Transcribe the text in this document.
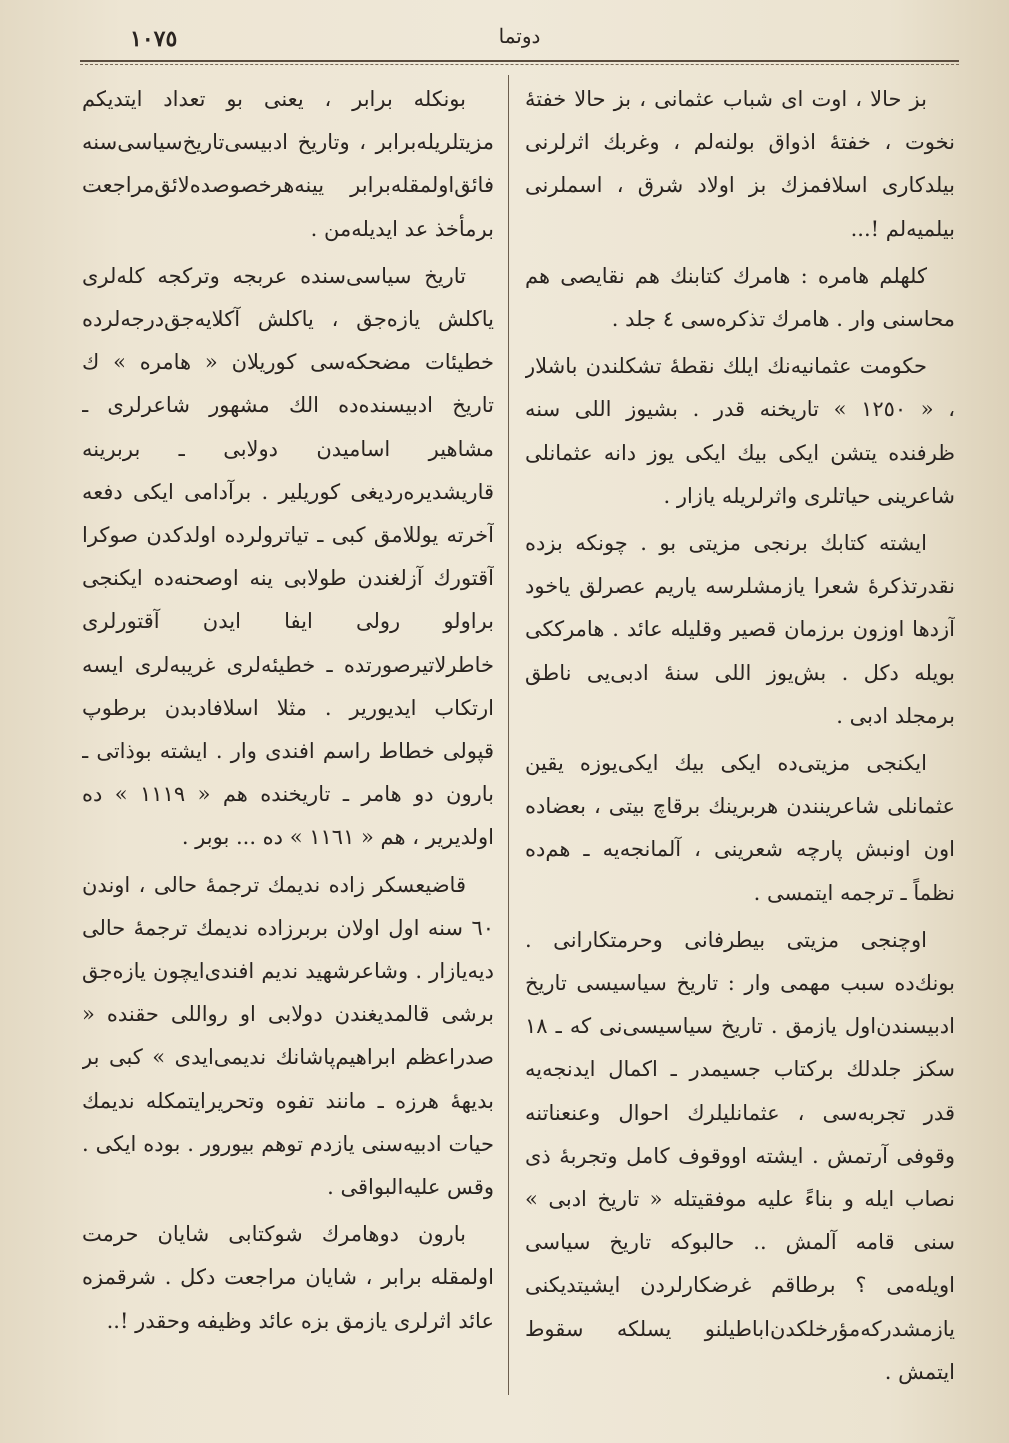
١٠٧٥	دوتما

بز حالا ، اوت ای شباب عثمانی ، بز حالا خفتهٔ نخوت ، خفتهٔ اذواق بولنه‌لم ، وغربك اثرلرنی بیلدکاری اسلافمزك بز اولاد شرق ، اسملرنی بیلمیه‌لم !...

کلهلم هامره : هامرك کتابنك هم نقایصی هم محاسنی وار . هامرك تذکره‌سی ٤ جلد .

حکومت عثمانیه‌نك ایلك نقطهٔ تشکلندن باشلار ، « ١٢٥٠ » تاریخنه قدر . بشیوز اللی سنه ظرفنده یتشن ایکی بیك ایکی یوز دانه عثمانلی شاعرینی حیاتلری واثرلریله یازار .

ایشته کتابك برنجی مزیتی بو . چونکه بزده نقدرتذکرهٔ شعرا یازمشلرسه یاریم عصرلق یاخود آزدها اوزون برزمان قصیر وقلیله عائد . هامرككی بویله دکل . بش‌یوز اللی سنهٔ ادبی‌یی ناطق برمجلد ادبی .

ایکنجی مزیتی‌ده ایکی بیك ایکی‌یوزه یقین عثمانلی شاعرینندن هربرینك برقاچ بیتی ، بعضاده اون اونبش پارچه شعرینی ، آلمانجه‌یه ـ هم‌ده نظماً ـ ترجمه ایتمسی .

اوچنجی مزیتی بیطرفانی وحرمتکارانی . بونك‌ده سبب مهمی وار : تاریخ سیاسیسی تاریخ ادبیسندن‌اول یازمق . تاریخ سیاسیسی‌نی که ـ ١٨ سکز جلدلك برکتاب جسیمدر ـ اکمال ایدنجه‌یه قدر تجربه‌سی ، عثمانلیلرك احوال وعنعناتنه وقوفی آرتمش . ایشته اووقوف کامل وتجربهٔ ذی نصاب ایله و بناءً علیه موفقیتله « تاریخ ادبی » سنی قامه آلمش .. حالبوکه تاریخ سیاسی اویله‌می ؟ برطاقم غرضکارلردن ایشیتدیکنی یازمشدرکه‌مؤرخلکدن‌اباطیلنو یسلکه سقوط ایتمش .

بونکله برابر ، یعنی بو تعداد ایتدیکم مزیتلریله‌برابر ، وتاریخ ادبیسی‌تاریخ‌سیاسی‌سنه فائق‌اولمقله‌برابر یینه‌هرخصوصده‌لائق‌مراجعت برمأخذ عد ایدیله‌من .

تاریخ سیاسی‌سنده عربجه وترکجه کله‌لری یاکلش یازه‌جق ، یاکلش آکلایه‌جق‌درجه‌لرده خطیئات مضحکه‌سی کوریلان « هامره » ك تاریخ ادبیسنده‌ده الك مشهور شاعرلری ـ مشاهیر اسامیدن دولابی ـ بربرینه قاریشدیره‌ردیغی کوریلیر . برآدامی ایکی دفعه آخرته یوللامق کبی ـ تیاترولرده اولدکدن صوکرا آقتورك آزلغندن طولابی ینه اوصحنه‌ده ایکنجی براولو رولی ایفا ایدن آقتورلری خاطرلاتیرصورتده ـ خطیئه‌لری غریبه‌لری ایسه ارتکاب ایدیوریر . مثلا اسلافادبدن برطوپ قپولی خطاط راسم افندی وار . ایشته بوذاتی ـ بارون دو هامر ـ تاریخنده هم « ١١١٩ » ده اولدیریر ، هم « ١١٦١ » ده ... بوبر .

قاضیعسکر زاده ندیمك ترجمهٔ حالی ، اوندن ٦٠ سنه اول اولان بربرزاده ندیمك ترجمهٔ حالی دیه‌یازار . وشاعرشهید ندیم افندی‌ایچون یازه‌جق برشی قالمدیغندن دولابی او رواللی حقنده « صدراعظم ابراهیم‌پاشانك ندیمی‌ایدی » کبی بر بدیههٔ هرزه ـ مانند تفوه وتحریرایتمکله ندیمك حیات ادبیه‌سنی یازدم توهم بیورور . بوده ایکی . وقس علیه‌البواقی .

بارون دوهامرك شوکتابی شایان حرمت اولمقله برابر ، شایان مراجعت دکل . شرقمزه عائد اثرلری یازمق بزه عائد وظیفه وحقدر !..
